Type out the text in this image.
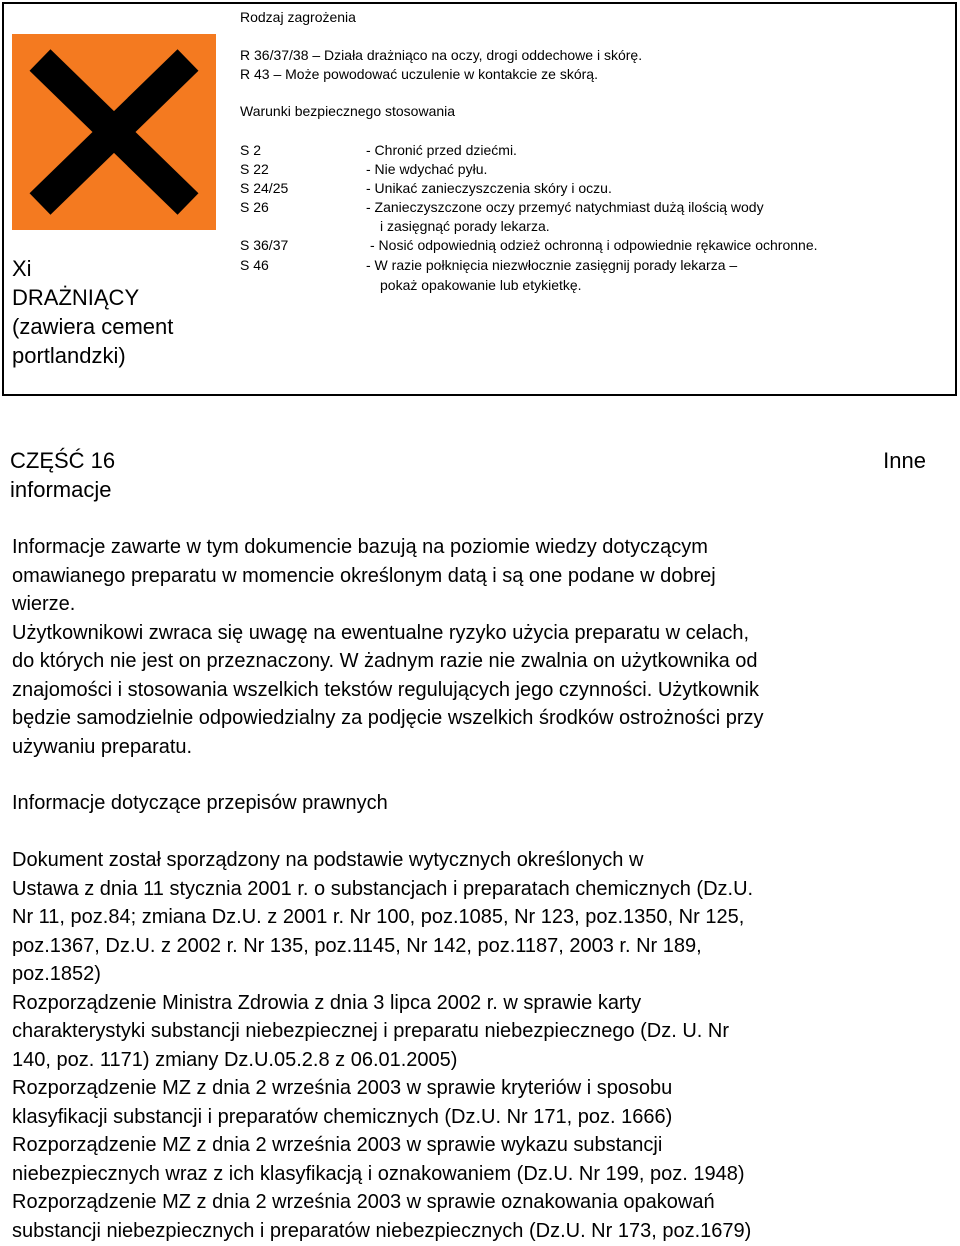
Xi
DRAŻNIĄCY
(zawiera cement
portlandzki)
Rodzaj zagrożenia
R 36/37/38 – Działa drażniąco na oczy, drogi oddechowe i skórę.
R 43 – Może powodować uczulenie w kontakcie ze skórą.
Warunki bezpiecznego stosowania
S 2	- Chronić przed dziećmi.
S 22	- Nie wdychać pyłu.
S 24/25	- Unikać zanieczyszczenia skóry i oczu.
S 26	- Zanieczyszczone oczy przemyć natychmiast dużą ilością wody
i zasięgnąć porady lekarza.
S 36/37	- Nosić odpowiednią odzież ochronną i odpowiednie rękawice ochronne.
S 46	- W razie połknięcia niezwłocznie zasięgnij porady lekarza –
pokaż opakowanie lub etykietkę.
CZĘŚĆ 16
informacje
Inne
Informacje zawarte w tym dokumencie bazują na poziomie wiedzy dotyczącym
omawianego preparatu w momencie określonym datą i są one podane w dobrej
wierze.
Użytkownikowi zwraca się uwagę na ewentualne ryzyko użycia preparatu w celach,
do których nie jest on przeznaczony. W żadnym razie nie zwalnia on użytkownika od
znajomości i stosowania wszelkich tekstów regulujących jego czynności. Użytkownik
będzie samodzielnie odpowiedzialny za podjęcie wszelkich środków ostrożności przy
używaniu preparatu.
Informacje dotyczące przepisów prawnych
Dokument został sporządzony na podstawie wytycznych określonych w
Ustawa z dnia 11 stycznia 2001 r. o substancjach i preparatach chemicznych (Dz.U.
Nr 11, poz.84; zmiana Dz.U. z 2001 r. Nr 100, poz.1085, Nr 123, poz.1350, Nr 125,
poz.1367, Dz.U. z 2002 r. Nr 135, poz.1145, Nr 142, poz.1187, 2003 r. Nr 189,
poz.1852)
Rozporządzenie Ministra Zdrowia z dnia 3 lipca 2002 r. w sprawie karty
charakterystyki substancji niebezpiecznej i preparatu niebezpiecznego (Dz. U. Nr
140, poz. 1171) zmiany Dz.U.05.2.8 z 06.01.2005)
Rozporządzenie MZ z dnia 2 września 2003 w sprawie kryteriów i sposobu
klasyfikacji substancji i preparatów chemicznych (Dz.U. Nr 171, poz. 1666)
Rozporządzenie MZ z dnia 2 września 2003 w sprawie wykazu substancji
niebezpiecznych wraz z ich klasyfikacją i oznakowaniem (Dz.U. Nr 199, poz. 1948)
Rozporządzenie MZ z dnia 2 września 2003 w sprawie oznakowania opakowań
substancji niebezpiecznych i preparatów niebezpiecznych (Dz.U. Nr 173, poz.1679)
